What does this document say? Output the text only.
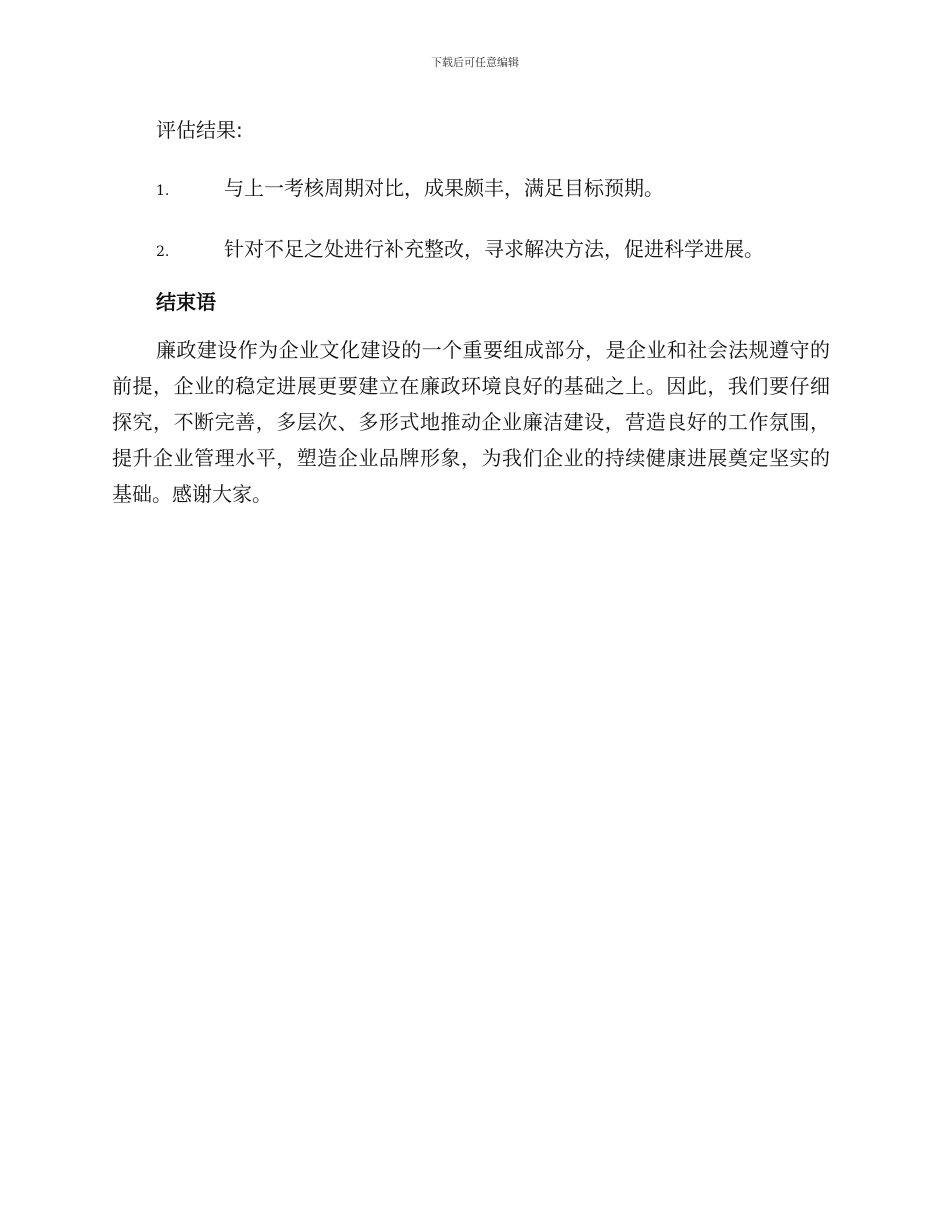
下载后可任意编辑

评估结果:

1.	与上一考核周期对比，成果颇丰，满足目标预期。
2.	针对不足之处进行补充整改，寻求解决方法，促进科学进展。
结束语

廉政建设作为企业文化建设的一个重要组成部分，是企业和社会法规遵守的前提，企业的稳定进展更要建立在廉政环境良好的基础之上。因此，我们要仔细探究，不断完善，多层次、多形式地推动企业廉洁建设，营造良好的工作氛围，提升企业管理水平，塑造企业品牌形象，为我们企业的持续健康进展奠定坚实的基础。感谢大家。
